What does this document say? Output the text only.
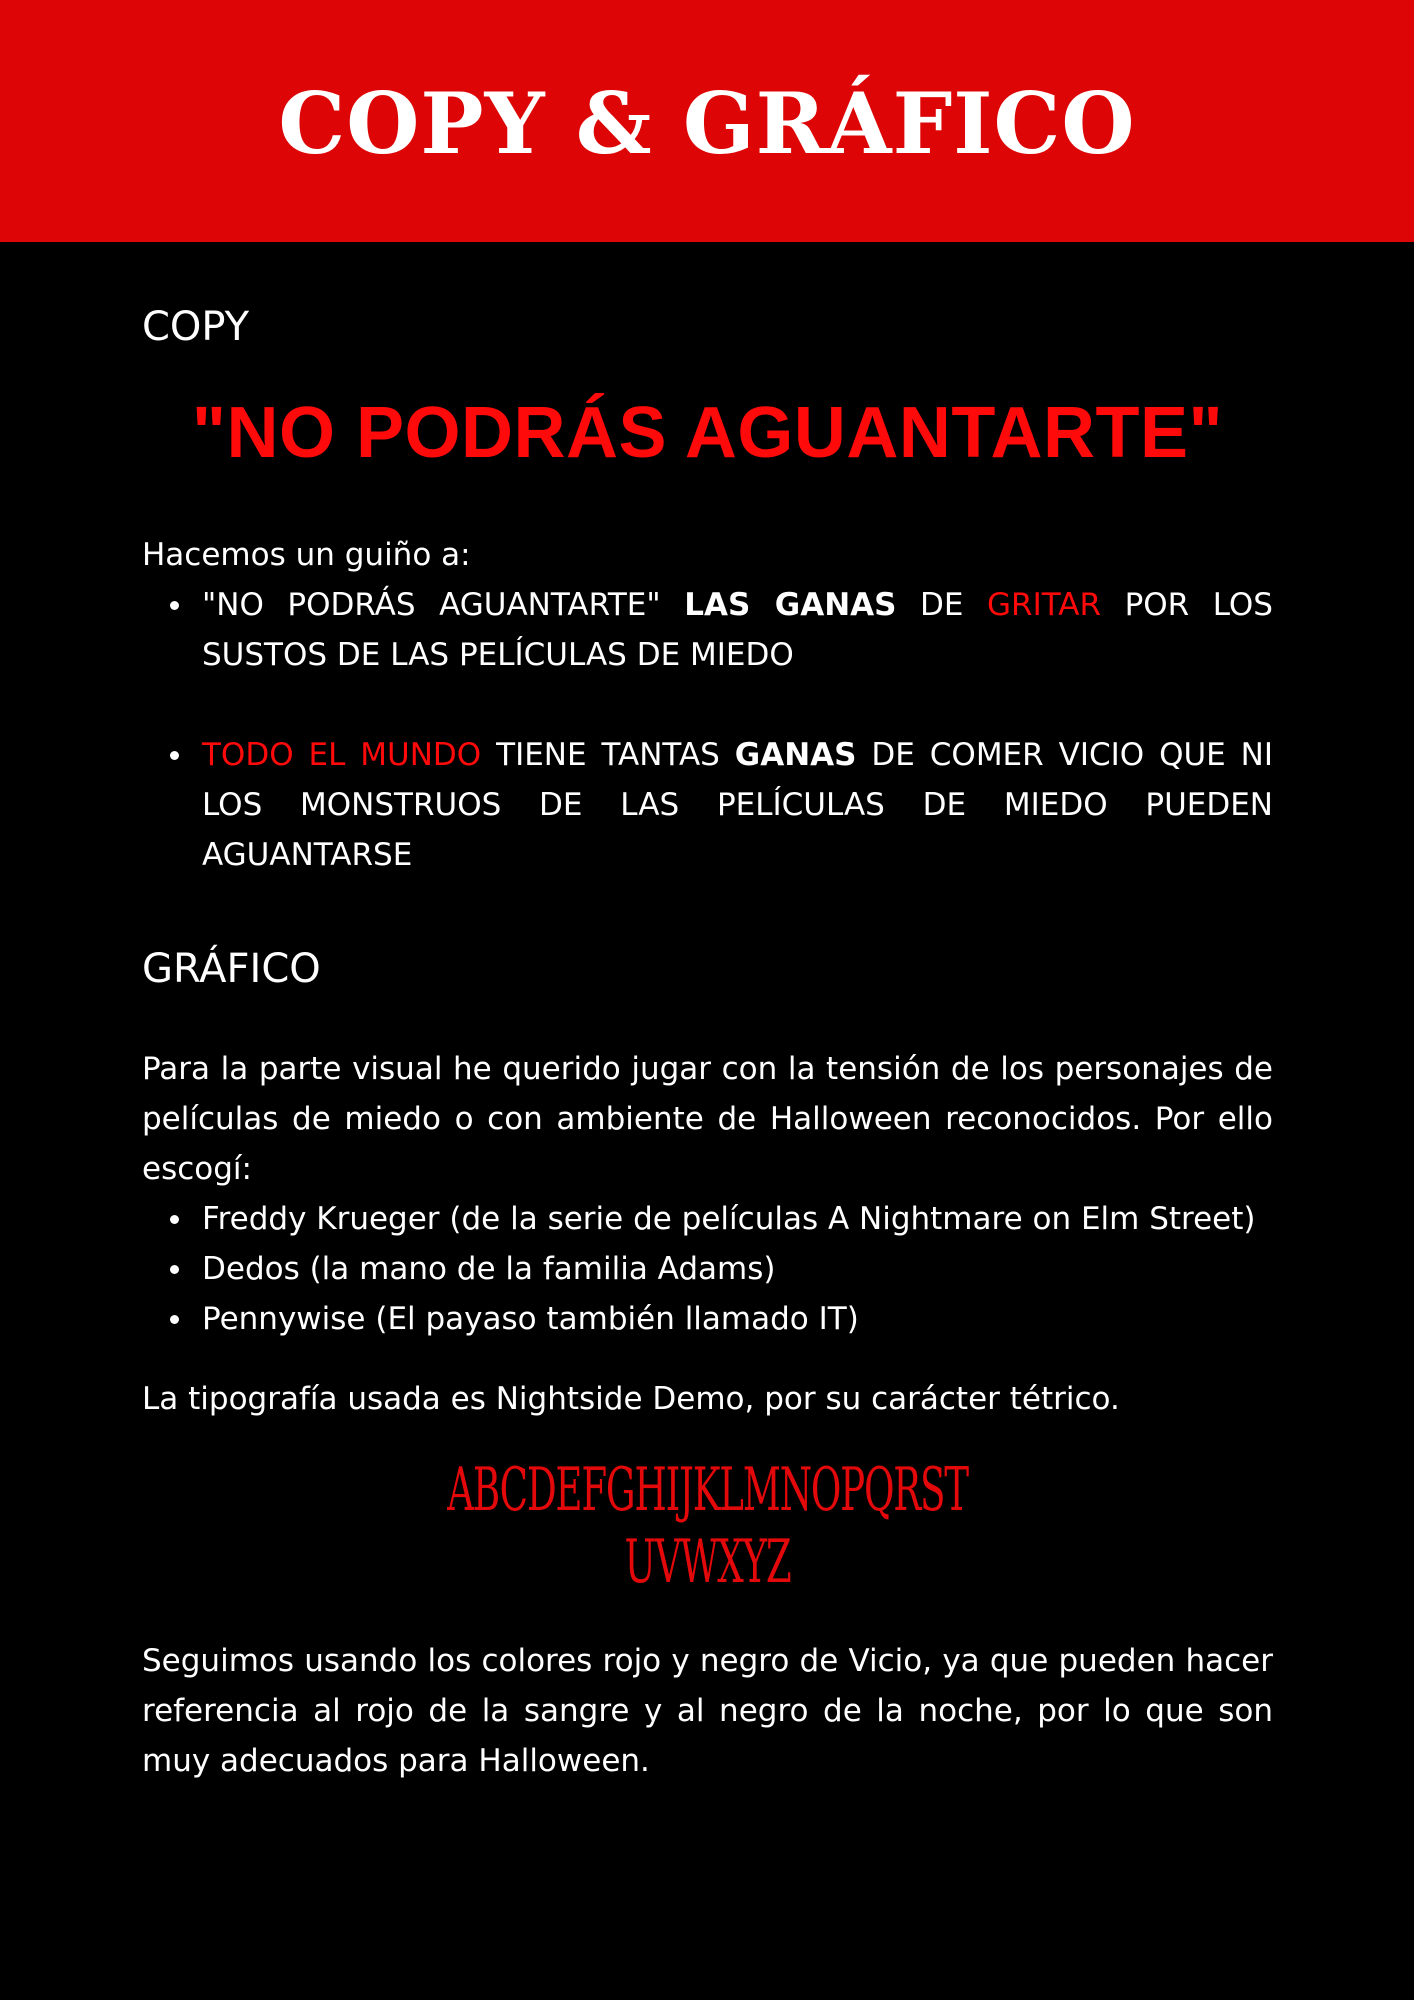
COPY & GRÁFICO
COPY
"NO PODRÁS AGUANTARTE"

Hacemos un guiño a:

"NO PODRÁS AGUANTARTE" LAS GANAS DE GRITAR POR LOS SUSTOS DE LAS PELÍCULAS DE MIEDO
TODO EL MUNDO TIENE TANTAS GANAS DE COMER VICIO QUE NI LOS MONSTRUOS DE LAS PELÍCULAS DE MIEDO PUEDEN AGUANTARSE
GRÁFICO

Para la parte visual he querido jugar con la tensión de los personajes de películas de miedo o con ambiente de Halloween reconocidos. Por ello escogí:

Freddy Krueger (de la serie de películas A Nightmare on Elm Street)
Dedos (la mano de la familia Adams)
Pennywise (El payaso también llamado IT)

La tipografía usada es Nightside Demo, por su carácter tétrico.

ABCDEFGHIJKLMNOPQRST
UVWXYZ

Seguimos usando los colores rojo y negro de Vicio, ya que pueden hacer referencia al rojo de la sangre y al negro de la noche, por lo que son muy adecuados para Halloween.
